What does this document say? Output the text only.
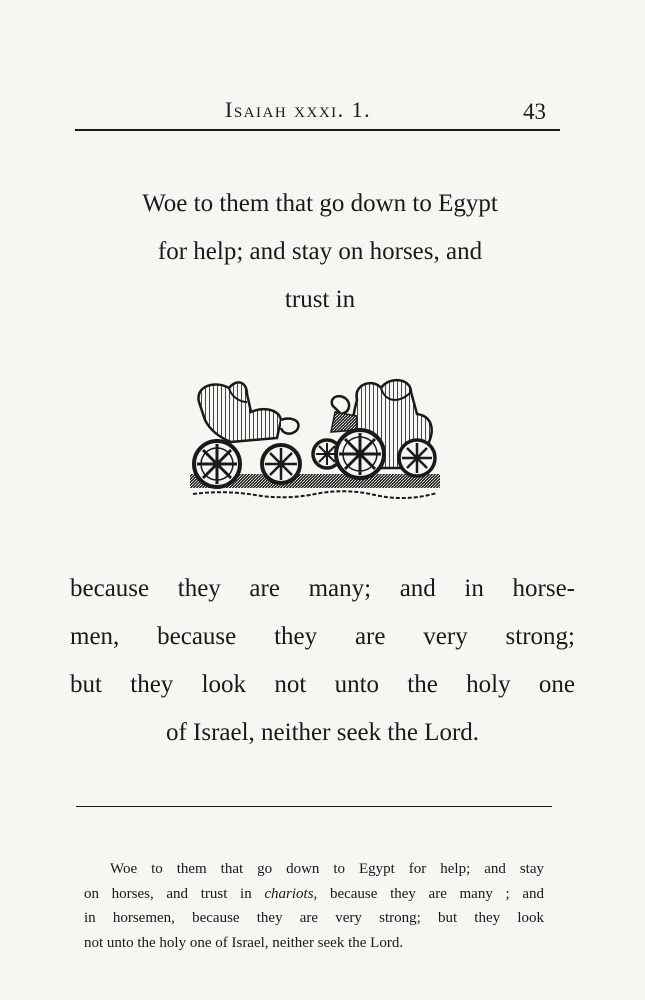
Isaiah xxxi. 1.	43
Woe to them that go down to Egypt
for help; and stay on horses, and
trust in
because they are many; and in horse-
men, because they are very strong;
but they look not unto the holy one
of Israel, neither seek the Lord.
Woe to them that go down to Egypt for help; and stay
on horses, and trust in chariots, because they are many ; and
in horsemen, because they are very strong; but they look
not unto the holy one of Israel, neither seek the Lord.
